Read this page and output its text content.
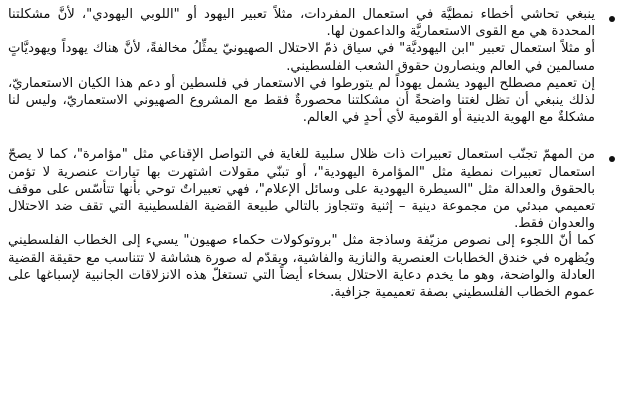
ينبغي تحاشي أخطاء نمطيَّة في استعمال المفردات، مثلاً تعبير اليهود أو "اللوبي اليهودي"، لأنَّ مشكلتنا المحددة هي مع القوى الاستعماريَّة والداعمون لها.

أو مثلاً استعمال تعبير "ابن اليهوديَّة" في سياق ذمّ الاحتلال الصهيونيّ يمثِّلُ مخالفةً، لأنَّ هناك يهوداً ويهوديَّاتٍ مسالمين في العالم وينصارون حقوق الشعب الفلسطيني.

إن تعميم مصطلح اليهود يشمل يهوداً لم يتورطوا في الاستعمار في فلسطين أو دعم هذا الكيان الاستعماريّ، لذلك ينبغي أن تظل لغتنا واضحةً أن مشكلتنا محصورةٌ فقط مع المشروع الصهيوني الاستعماريّ، وليس لنا مشكلةٌ مع الهوية الدينية أو القومية لأي أحدٍ في العالم.

من المهمّ تجنّب استعمال تعبيرات ذات ظلال سلبية للغاية في التواصل الإقناعي مثل "مؤامرة"، كما لا يصحّ استعمال تعبيرات نمطية مثل "المؤامرة اليهودية"، أو تبنّي مقولات اشتهرت بها تيارات عنصرية لا تؤمن بالحقوق والعدالة مثل "السيطرة اليهودية على وسائل الإعلام"، فهي تعبيراتٌ توحي بأنها تتأسّس على موقف تعميمي مبدئي من مجموعة دينية – إثنية وتتجاوز بالتالي طبيعة القضية الفلسطينية التي تقف ضد الاحتلال والعدوان فقط.

كما أنّ اللجوء إلى نصوص مزيّفة وساذجة مثل "بروتوكولات حكماء صهيون" يسيء إلى الخطاب الفلسطيني ويُظهره في خندق الخطابات العنصرية والنازية والفاشية، ويقدّم له صورة هشاشة لا تتناسب مع حقيقة القضية العادلة والواضحة، وهو ما يخدم دعاية الاحتلال بسخاء أيضاً التي تستغلّ هذه الانزلاقات الجانبية لإسباغها على عموم الخطاب الفلسطيني بصفة تعميمية جزافية.
